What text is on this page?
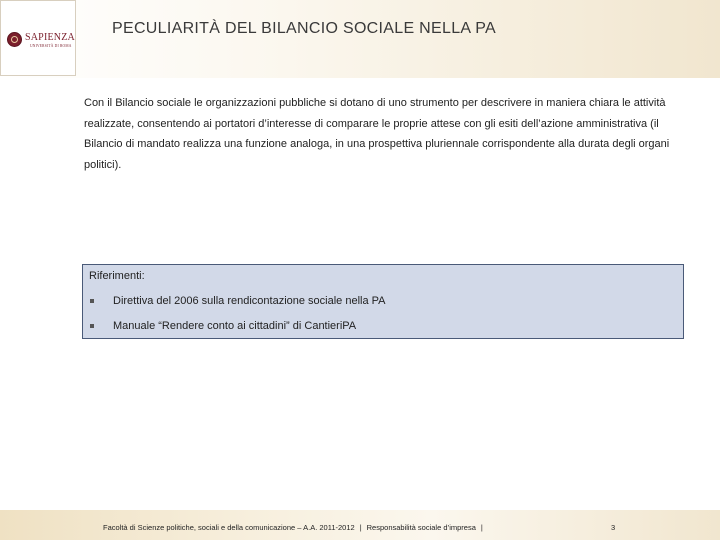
SAPIENZA
UNIVERSITÀ DI ROMA
PECULIARITÀ DEL BILANCIO SOCIALE NELLA PA
Con il Bilancio sociale le organizzazioni pubbliche si dotano di uno strumento per descrivere in maniera chiara le attività realizzate, consentendo ai portatori d’interesse di comparare le proprie attese con gli esiti dell’azione amministrativa (il Bilancio di mandato realizza una funzione analoga, in una prospettiva pluriennale corrispondente alla durata degli organi politici).
Riferimenti:
Direttiva del 2006 sulla rendicontazione sociale nella PA
Manuale “Rendere conto ai cittadini” di CantieriPA
Facoltà di Scienze politiche, sociali e della comunicazione – A.A. 2011-2012 | Responsabilità sociale d’impresa |	3
